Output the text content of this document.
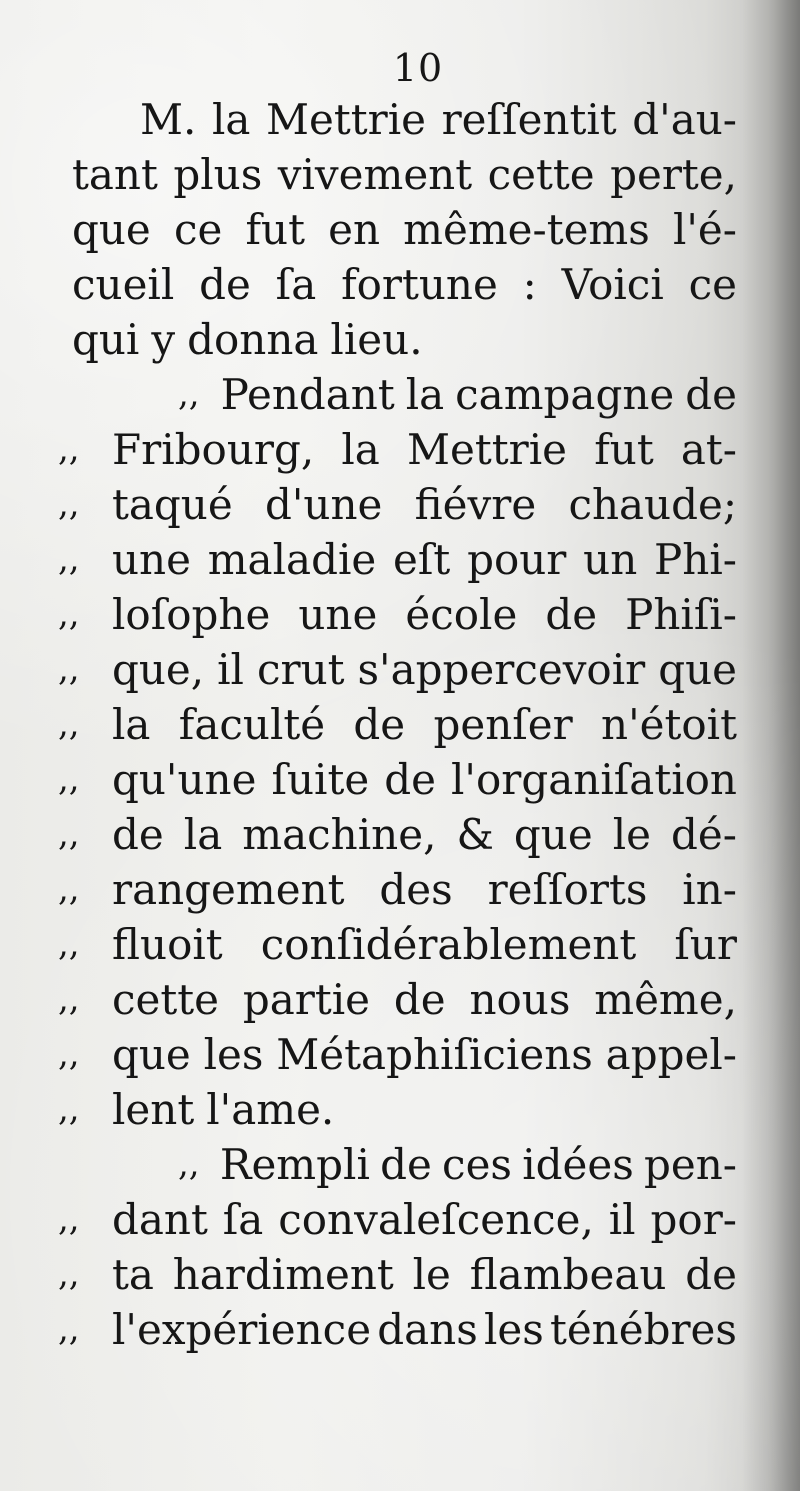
10
M. la Mettrie reſſentit d'au-
tant plus vivement cette perte,
que ce fut en même-tems l'é-
cueil de ſa fortune : Voici ce
qui y donna lieu.
,, Pendant la campagne de
,, Fribourg, la Mettrie fut at-
,, taqué d'une fiévre chaude;
,, une maladie eſt pour un Phi-
,, loſophe une école de Phiſi-
,, que, il crut s'appercevoir que
,, la faculté de penſer n'étoit
,, qu'une ſuite de l'organiſation
,, de la machine, & que le dé-
,, rangement des reſſorts in-
,, fluoit conſidérablement ſur
,, cette partie de nous même,
,, que les Métaphiſiciens appel-
,, lent l'ame.
,, Rempli de ces idées pen-
,, dant ſa convaleſcence, il por-
,, ta hardiment le flambeau de
,, l'expérience dans les ténébres
